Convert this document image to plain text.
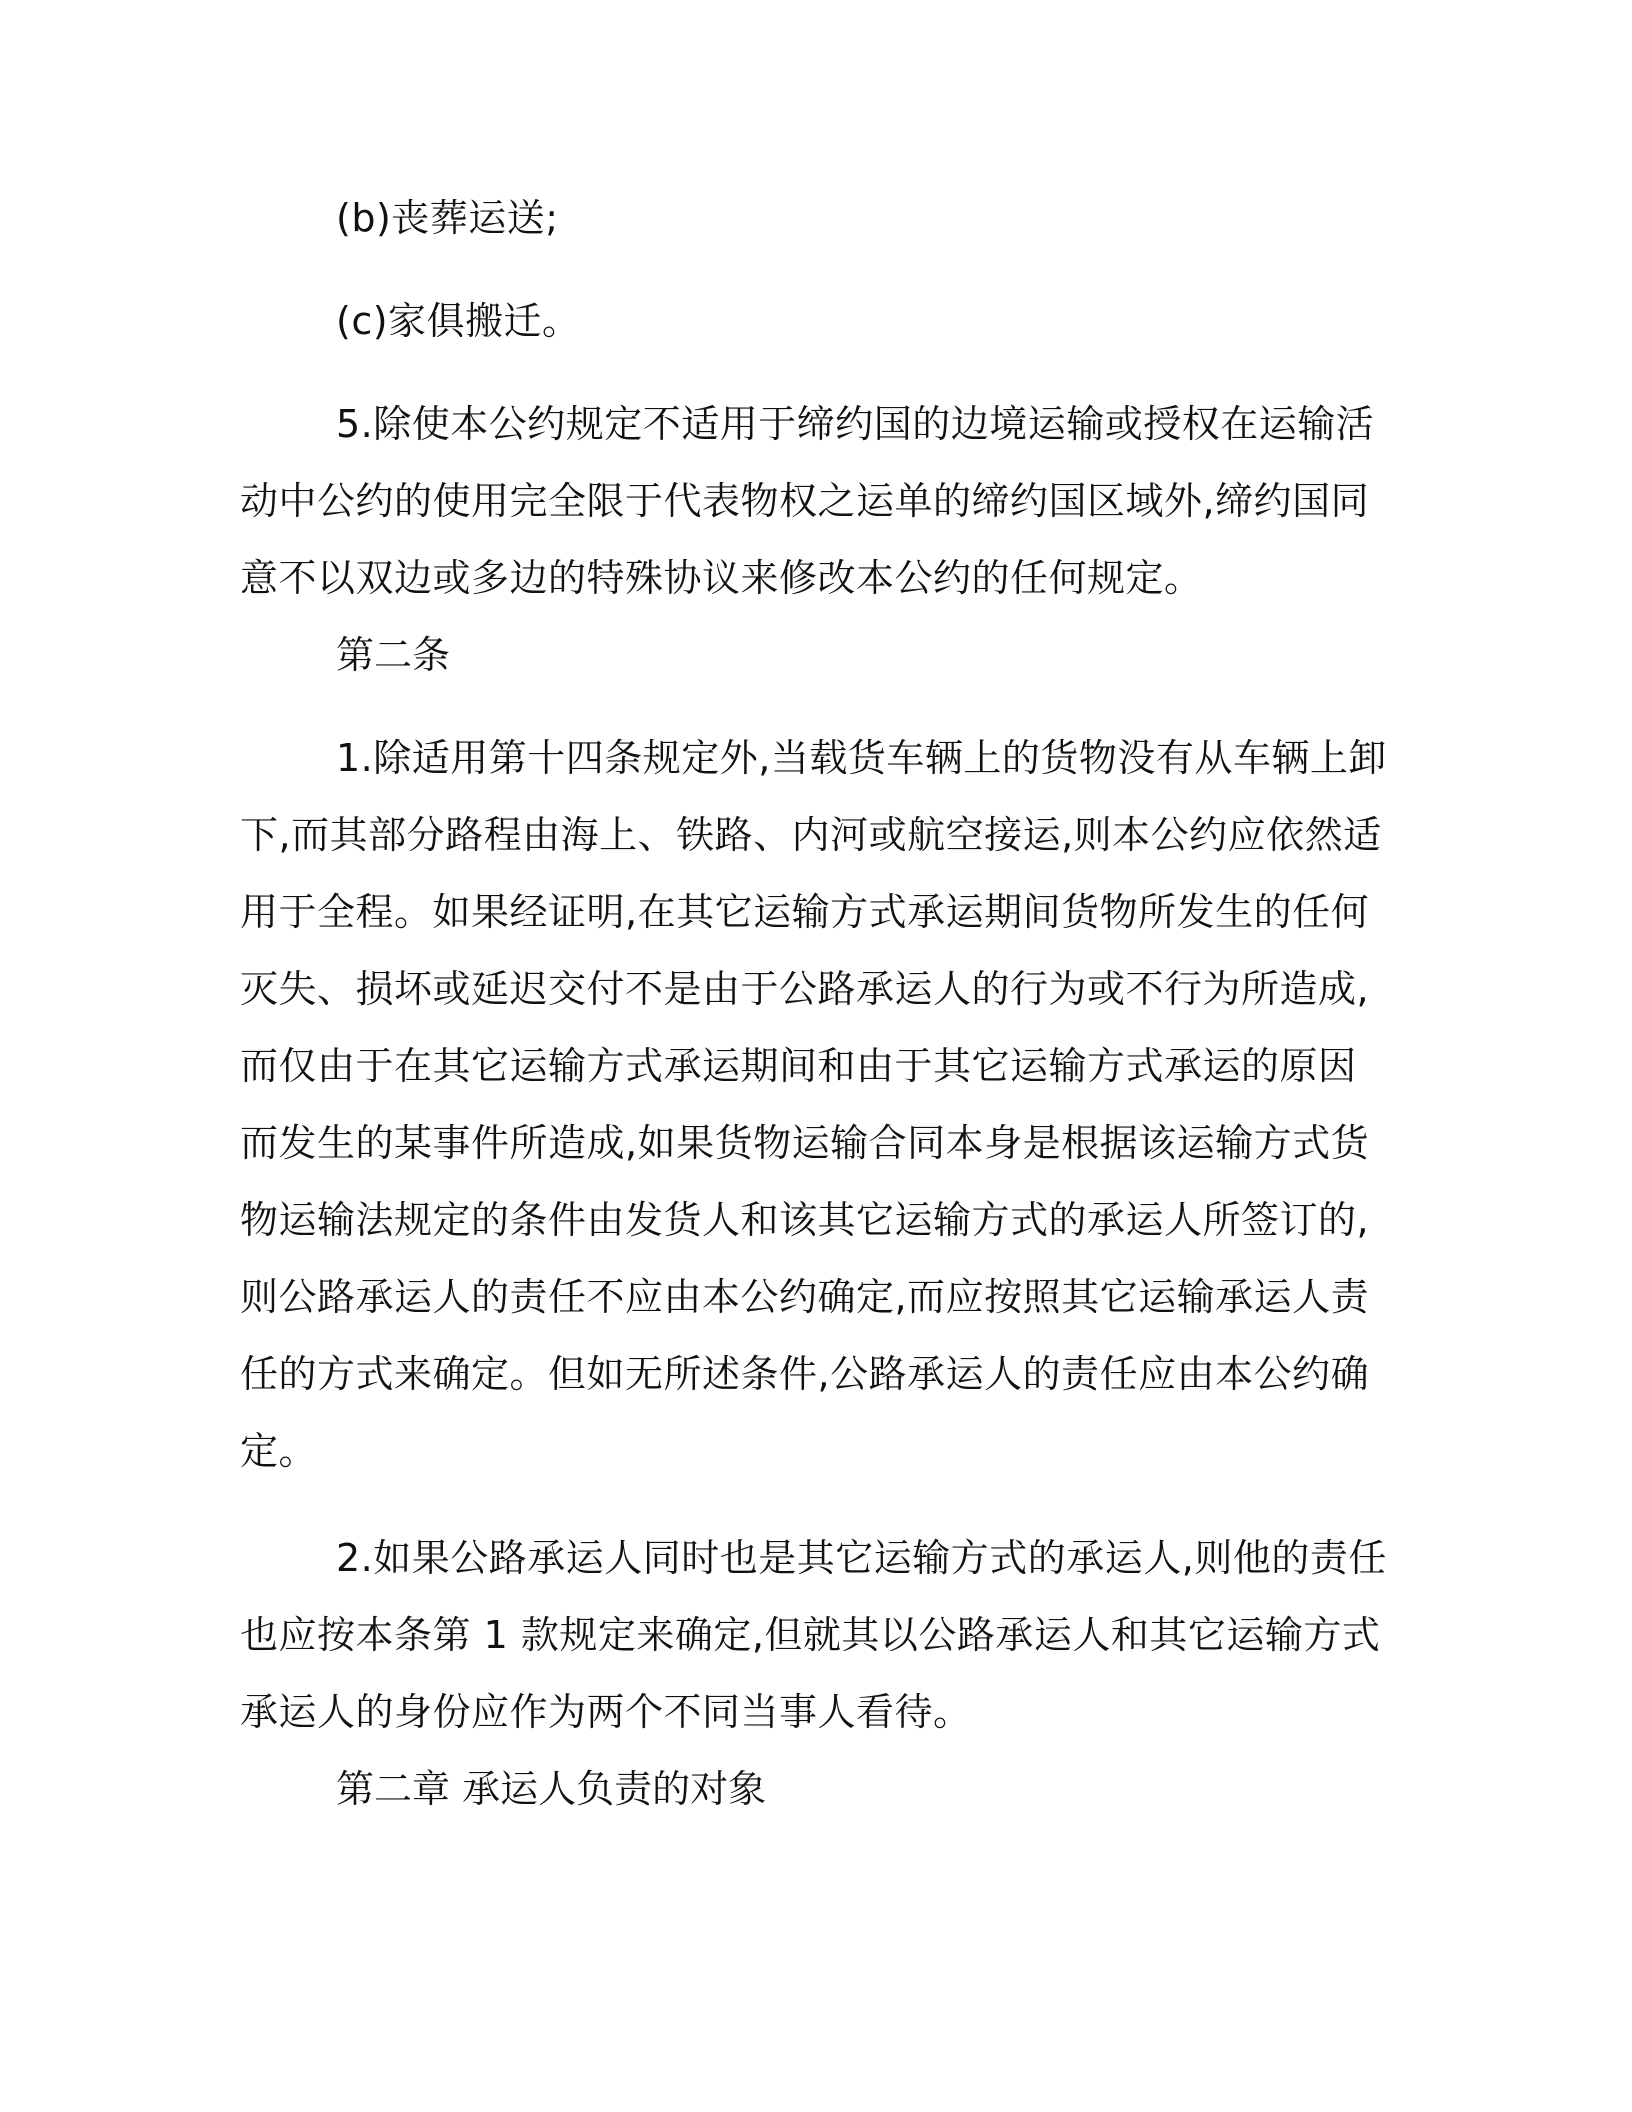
(b)丧葬运送;

(c)家俱搬迁。

5.除使本公约规定不适用于缔约国的边境运输或授权在运输活动中公约的使用完全限于代表物权之运单的缔约国区域外,缔约国同意不以双边或多边的特殊协议来修改本公约的任何规定。

第二条

1.除适用第十四条规定外,当载货车辆上的货物没有从车辆上卸下,而其部分路程由海上、铁路、内河或航空接运,则本公约应依然适用于全程。如果经证明,在其它运输方式承运期间货物所发生的任何灭失、损坏或延迟交付不是由于公路承运人的行为或不行为所造成,而仅由于在其它运输方式承运期间和由于其它运输方式承运的原因而发生的某事件所造成,如果货物运输合同本身是根据该运输方式货物运输法规定的条件由发货人和该其它运输方式的承运人所签订的,则公路承运人的责任不应由本公约确定,而应按照其它运输承运人责任的方式来确定。但如无所述条件,公路承运人的责任应由本公约确定。

2.如果公路承运人同时也是其它运输方式的承运人,则他的责任也应按本条第 1 款规定来确定,但就其以公路承运人和其它运输方式承运人的身份应作为两个不同当事人看待。

第二章 承运人负责的对象
